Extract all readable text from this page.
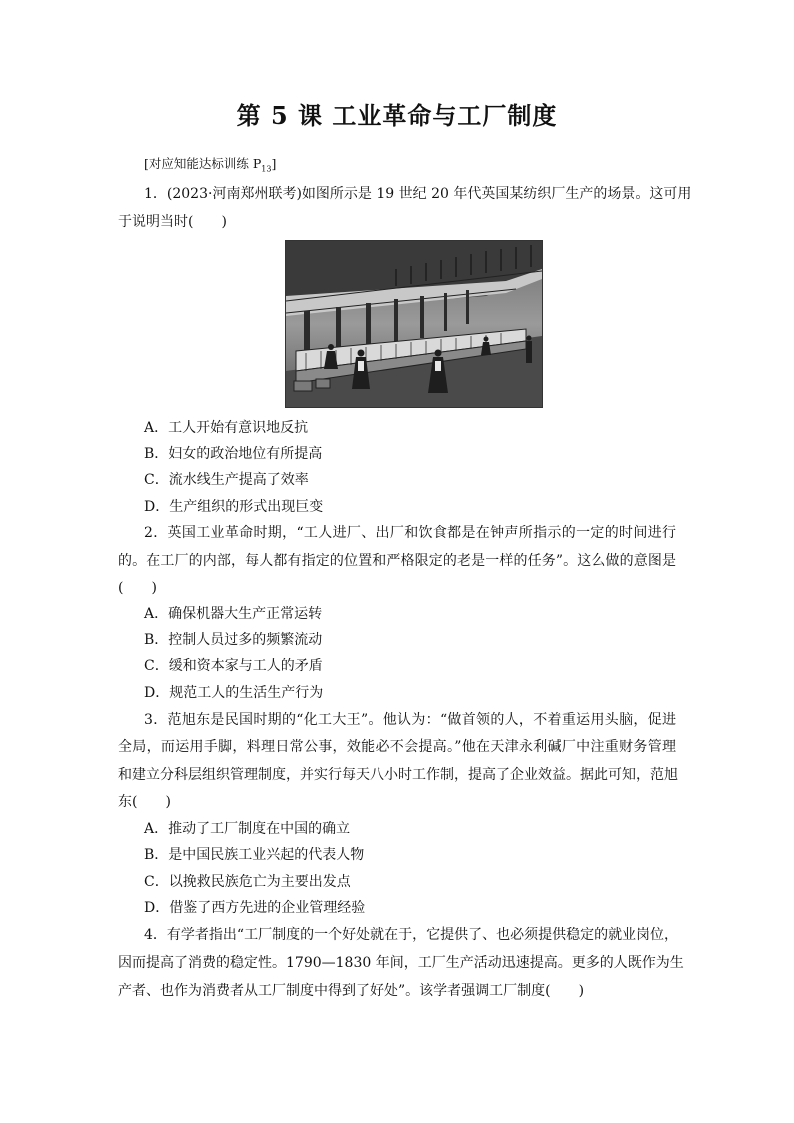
第 5 课 工业革命与工厂制度
[对应知能达标训练 $P_{13}$]
1．(2023·河南郑州联考)如图所示是 19 世纪 20 年代英国某纺织厂生产的场景。这可用
于说明当时(　　)
A．工人开始有意识地反抗
B．妇女的政治地位有所提高
C．流水线生产提高了效率
D．生产组织的形式出现巨变
2．英国工业革命时期，“工人进厂、出厂和饮食都是在钟声所指示的一定的时间进行
的。在工厂的内部，每人都有指定的位置和严格限定的老是一样的任务”。这么做的意图是
(　　)
A．确保机器大生产正常运转
B．控制人员过多的频繁流动
C．缓和资本家与工人的矛盾
D．规范工人的生活生产行为
3．范旭东是民国时期的“化工大王”。他认为：“做首领的人，不着重运用头脑，促进
全局，而运用手脚，料理日常公事，效能必不会提高。”他在天津永利碱厂中注重财务管理
和建立分科层组织管理制度，并实行每天八小时工作制，提高了企业效益。据此可知，范旭
东(　　)
A．推动了工厂制度在中国的确立
B．是中国民族工业兴起的代表人物
C．以挽救民族危亡为主要出发点
D．借鉴了西方先进的企业管理经验
4．有学者指出“工厂制度的一个好处就在于，它提供了、也必须提供稳定的就业岗位，
因而提高了消费的稳定性。1790—1830 年间，工厂生产活动迅速提高。更多的人既作为生
产者、也作为消费者从工厂制度中得到了好处”。该学者强调工厂制度(　　)
